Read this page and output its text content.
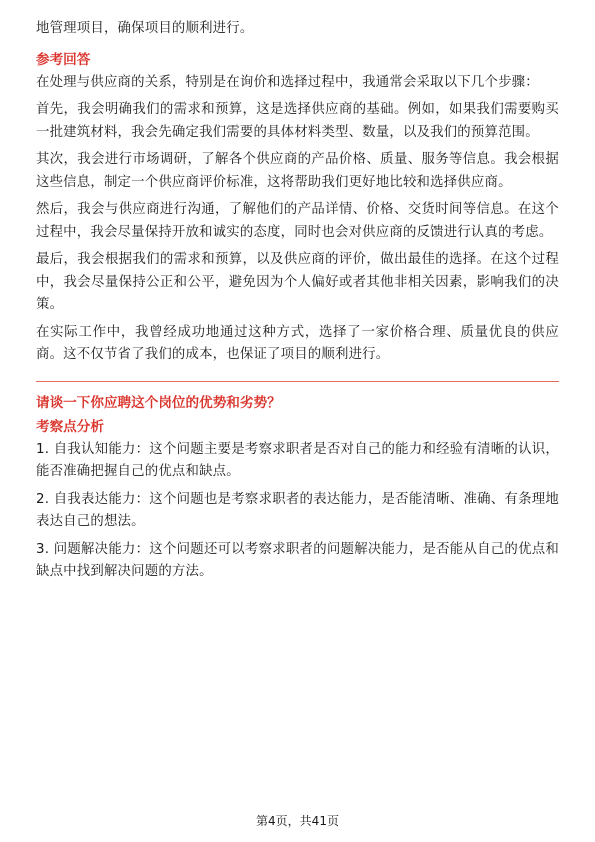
地管理项目，确保项目的顺利进行。

参考回答

在处理与供应商的关系，特别是在询价和选择过程中，我通常会采取以下几个步骤：

首先，我会明确我们的需求和预算，这是选择供应商的基础。例如，如果我们需要购买一批建筑材料，我会先确定我们需要的具体材料类型、数量，以及我们的预算范围。

其次，我会进行市场调研，了解各个供应商的产品价格、质量、服务等信息。我会根据这些信息，制定一个供应商评价标准，这将帮助我们更好地比较和选择供应商。

然后，我会与供应商进行沟通，了解他们的产品详情、价格、交货时间等信息。在这个过程中，我会尽量保持开放和诚实的态度，同时也会对供应商的反馈进行认真的考虑。

最后，我会根据我们的需求和预算，以及供应商的评价，做出最佳的选择。在这个过程中，我会尽量保持公正和公平，避免因为个人偏好或者其他非相关因素，影响我们的决策。

在实际工作中，我曾经成功地通过这种方式，选择了一家价格合理、质量优良的供应商。这不仅节省了我们的成本，也保证了项目的顺利进行。

请谈一下你应聘这个岗位的优势和劣势？
考察点分析

1. 自我认知能力：这个问题主要是考察求职者是否对自己的能力和经验有清晰的认识，能否准确把握自己的优点和缺点。

2. 自我表达能力：这个问题也是考察求职者的表达能力，是否能清晰、准确、有条理地表达自己的想法。

3. 问题解决能力：这个问题还可以考察求职者的问题解决能力，是否能从自己的优点和缺点中找到解决问题的方法。

第4页，共41页
